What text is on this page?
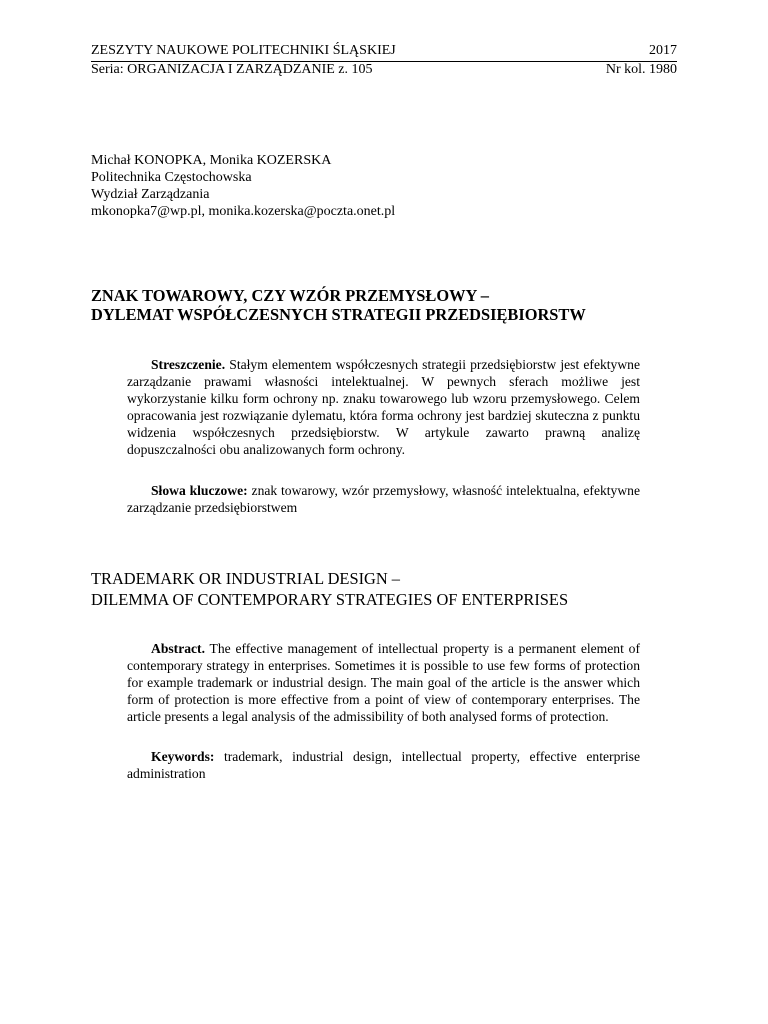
ZESZYTY NAUKOWE POLITECHNIKI ŚLĄSKIEJ	2017
Seria: ORGANIZACJA I ZARZĄDZANIE z. 105	Nr kol. 1980
Michał KONOPKA, Monika KOZERSKA
Politechnika Częstochowska
Wydział Zarządzania
mkonopka7@wp.pl, monika.kozerska@poczta.onet.pl
ZNAK TOWAROWY, CZY WZÓR PRZEMYSŁOWY –
DYLEMAT WSPÓŁCZESNYCH STRATEGII PRZEDSIĘBIORSTW

Streszczenie. Stałym elementem współczesnych strategii przedsiębiorstw jest efektywne zarządzanie prawami własności intelektualnej. W pewnych sferach możliwe jest wykorzystanie kilku form ochrony np. znaku towarowego lub wzoru przemysłowego. Celem opracowania jest rozwiązanie dylematu, która forma ochrony jest bardziej skuteczna z punktu widzenia współczesnych przedsiębiorstw. W artykule zawarto prawną analizę dopuszczalności obu analizowanych form ochrony.

Słowa kluczowe: znak towarowy, wzór przemysłowy, własność intelektualna, efektywne zarządzanie przedsiębiorstwem

TRADEMARK OR INDUSTRIAL DESIGN –
DILEMMA OF CONTEMPORARY STRATEGIES OF ENTERPRISES

Abstract. The effective management of intellectual property is a permanent element of contemporary strategy in enterprises. Sometimes it is possible to use few forms of protection for example trademark or industrial design. The main goal of the article is the answer which form of protection is more effective from a point of view of contemporary enterprises. The article presents a legal analysis of the admissibility of both analysed forms of protection.

Keywords: trademark, industrial design, intellectual property, effective enterprise administration
